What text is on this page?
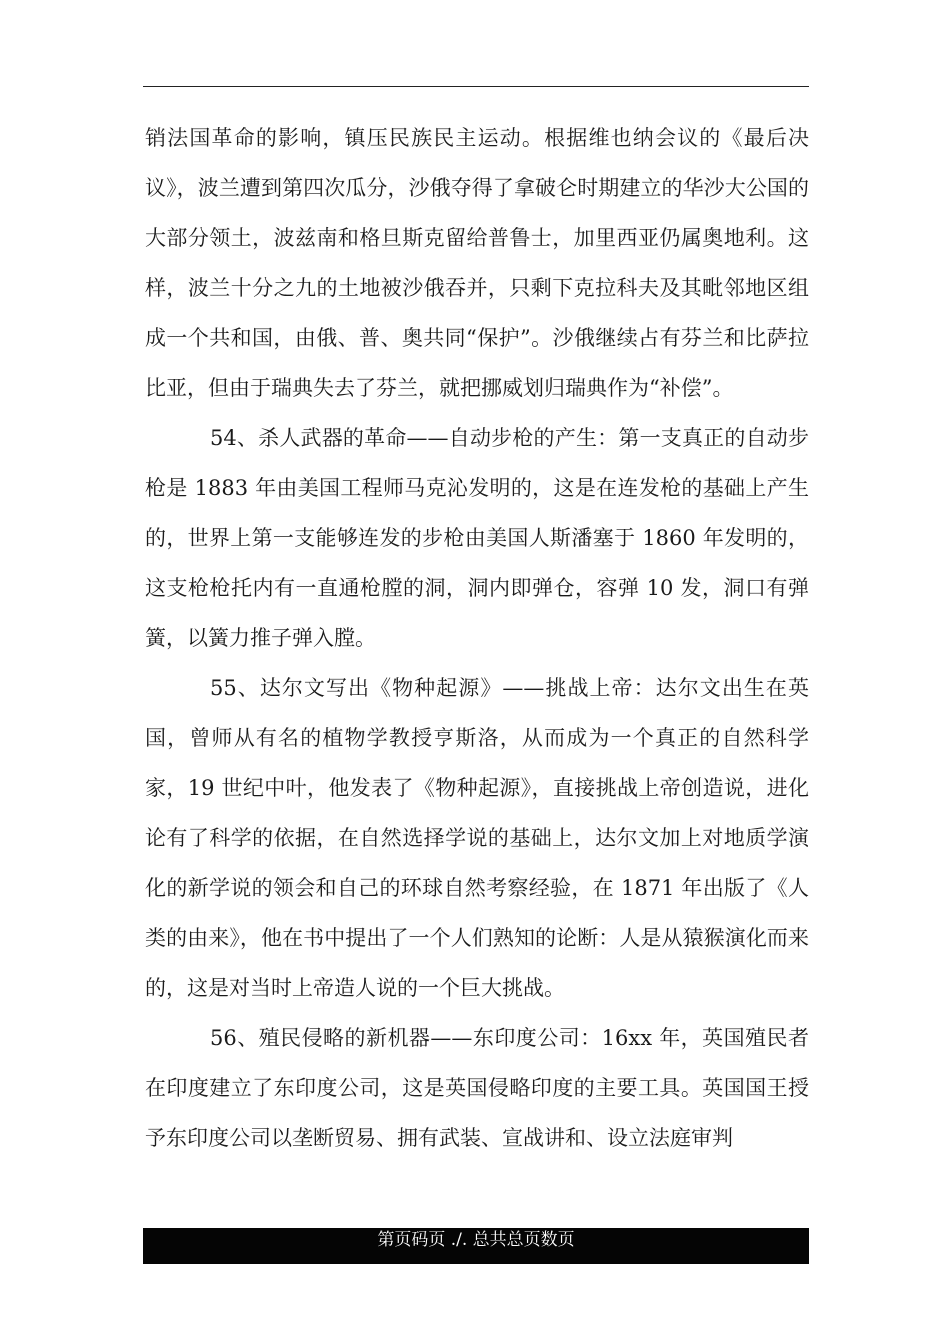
销法国革命的影响，镇压民族民主运动。根据维也纳会议的《最后决议》，波兰遭到第四次瓜分，沙俄夺得了拿破仑时期建立的华沙大公国的大部分领土，波兹南和格旦斯克留给普鲁士，加里西亚仍属奥地利。这样，波兰十分之九的土地被沙俄吞并，只剩下克拉科夫及其毗邻地区组成一个共和国，由俄、普、奥共同“保护”。沙俄继续占有芬兰和比萨拉比亚，但由于瑞典失去了芬兰，就把挪威划归瑞典作为“补偿”。

54、杀人武器的革命——自动步枪的产生：第一支真正的自动步枪是 1883 年由美国工程师马克沁发明的，这是在连发枪的基础上产生的，世界上第一支能够连发的步枪由美国人斯潘塞于 1860 年发明的，这支枪枪托内有一直通枪膛的洞，洞内即弹仓，容弹 10 发，洞口有弹簧，以簧力推子弹入膛。

55、达尔文写出《物种起源》——挑战上帝：达尔文出生在英国，曾师从有名的植物学教授亨斯洛，从而成为一个真正的自然科学家，19 世纪中叶，他发表了《物种起源》，直接挑战上帝创造说，进化论有了科学的依据，在自然选择学说的基础上，达尔文加上对地质学演化的新学说的领会和自己的环球自然考察经验，在 1871 年出版了《人类的由来》，他在书中提出了一个人们熟知的论断：人是从猿猴演化而来的，这是对当时上帝造人说的一个巨大挑战。

56、殖民侵略的新机器——东印度公司：16xx 年，英国殖民者在印度建立了东印度公司，这是英国侵略印度的主要工具。英国国王授予东印度公司以垄断贸易、拥有武装、宣战讲和、设立法庭审判

第页码页 ./. 总共总页数页
